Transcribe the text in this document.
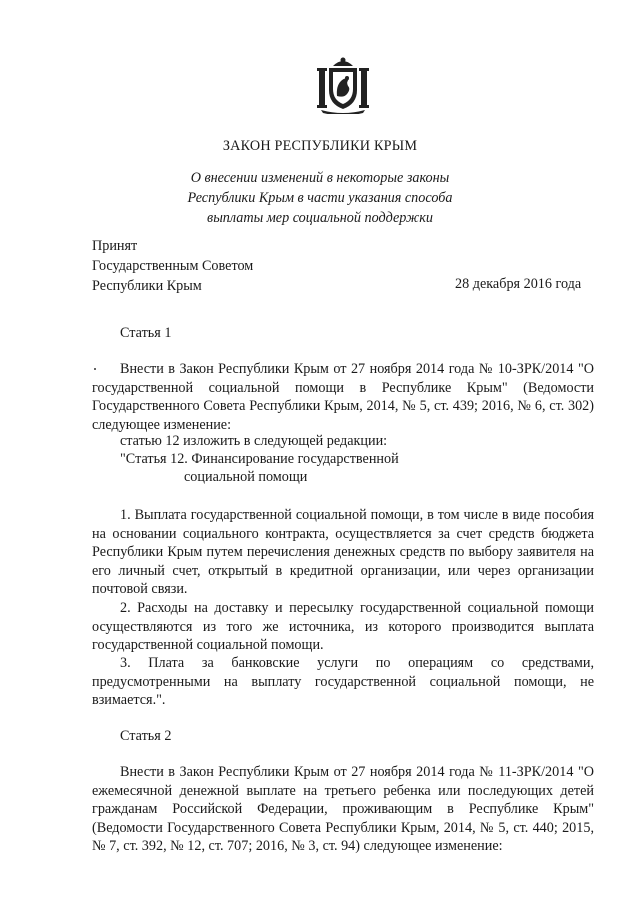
ЗАКОН РЕСПУБЛИКИ КРЫМ
О внесении изменений в некоторые законы
Республики Крым в части указания способа
выплаты мер социальной поддержки
Принят
Государственным Советом
Республики Крым	28 декабря 2016 года
Статья 1
Внести в Закон Республики Крым от 27 ноября 2014 года № 10-ЗРК/2014 "О государственной социальной помощи в Республике Крым" (Ведомости Государственного Совета Республики Крым, 2014, № 5, ст. 439; 2016, № 6, ст. 302) следующее изменение:
статью 12 изложить в следующей редакции:
"Статья 12. Финансирование государственной
социальной помощи
1. Выплата государственной социальной помощи, в том числе в виде пособия на основании социального контракта, осуществляется за счет средств бюджета Республики Крым путем перечисления денежных средств по выбору заявителя на его личный счет, открытый в кредитной организации, или через организации почтовой связи.
2. Расходы на доставку и пересылку государственной социальной помощи осуществляются из того же источника, из которого производится выплата государственной социальной помощи.
3. Плата за банковские услуги по операциям со средствами, предусмотренными на выплату государственной социальной помощи, не взимается.".
Статья 2
Внести в Закон Республики Крым от 27 ноября 2014 года № 11-ЗРК/2014 "О ежемесячной денежной выплате на третьего ребенка или последующих детей гражданам Российской Федерации, проживающим в Республике Крым" (Ведомости Государственного Совета Республики Крым, 2014, № 5, ст. 440; 2015, № 7, ст. 392, № 12, ст. 707; 2016, № 3, ст. 94) следующее изменение:
